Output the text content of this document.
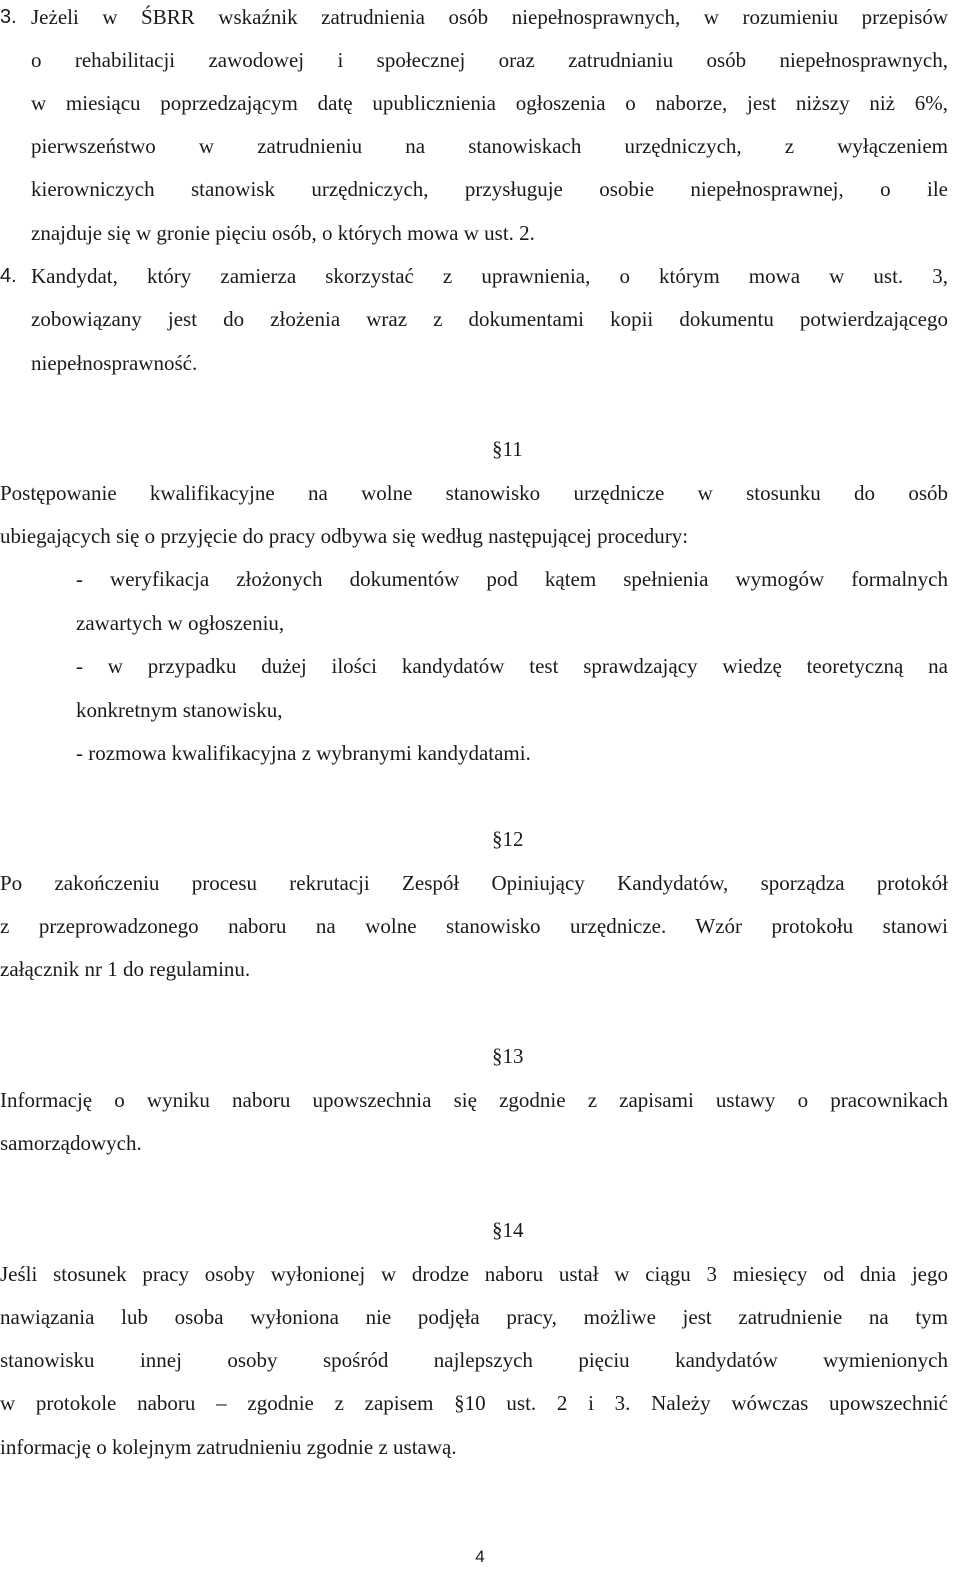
3. Jeżeli w ŚBRR wskaźnik zatrudnienia osób niepełnosprawnych, w rozumieniu przepisów
o rehabilitacji zawodowej i społecznej oraz zatrudnianiu osób niepełnosprawnych,
w miesiącu poprzedzającym datę upublicznienia ogłoszenia o naborze, jest niższy niż 6%,
pierwszeństwo w zatrudnieniu na stanowiskach urzędniczych, z wyłączeniem
kierowniczych stanowisk urzędniczych, przysługuje osobie niepełnosprawnej, o ile
znajduje się w gronie pięciu osób, o których mowa w ust. 2.
4. Kandydat, który zamierza skorzystać z uprawnienia, o którym mowa w ust. 3,
zobowiązany jest do złożenia wraz z dokumentami kopii dokumentu potwierdzającego
niepełnosprawność.
§11
Postępowanie kwalifikacyjne na wolne stanowisko urzędnicze w stosunku do osób
ubiegających się o przyjęcie do pracy odbywa się według następującej procedury:
- weryfikacja złożonych dokumentów pod kątem spełnienia wymogów formalnych
zawartych w ogłoszeniu,
- w przypadku dużej ilości kandydatów test sprawdzający wiedzę teoretyczną na
konkretnym stanowisku,
- rozmowa kwalifikacyjna z wybranymi kandydatami.
§12
Po zakończeniu procesu rekrutacji Zespół Opiniujący Kandydatów, sporządza protokół
z przeprowadzonego naboru na wolne stanowisko urzędnicze. Wzór protokołu stanowi
załącznik nr 1 do regulaminu.
§13
Informację o wyniku naboru upowszechnia się zgodnie z zapisami ustawy o pracownikach
samorządowych.
§14
Jeśli stosunek pracy osoby wyłonionej w drodze naboru ustał w ciągu 3 miesięcy od dnia jego
nawiązania lub osoba wyłoniona nie podjęła pracy, możliwe jest zatrudnienie na tym
stanowisku innej osoby spośród najlepszych pięciu kandydatów wymienionych
w protokole naboru – zgodnie z zapisem §10 ust. 2 i 3. Należy wówczas upowszechnić
informację o kolejnym zatrudnieniu zgodnie z ustawą.
4
